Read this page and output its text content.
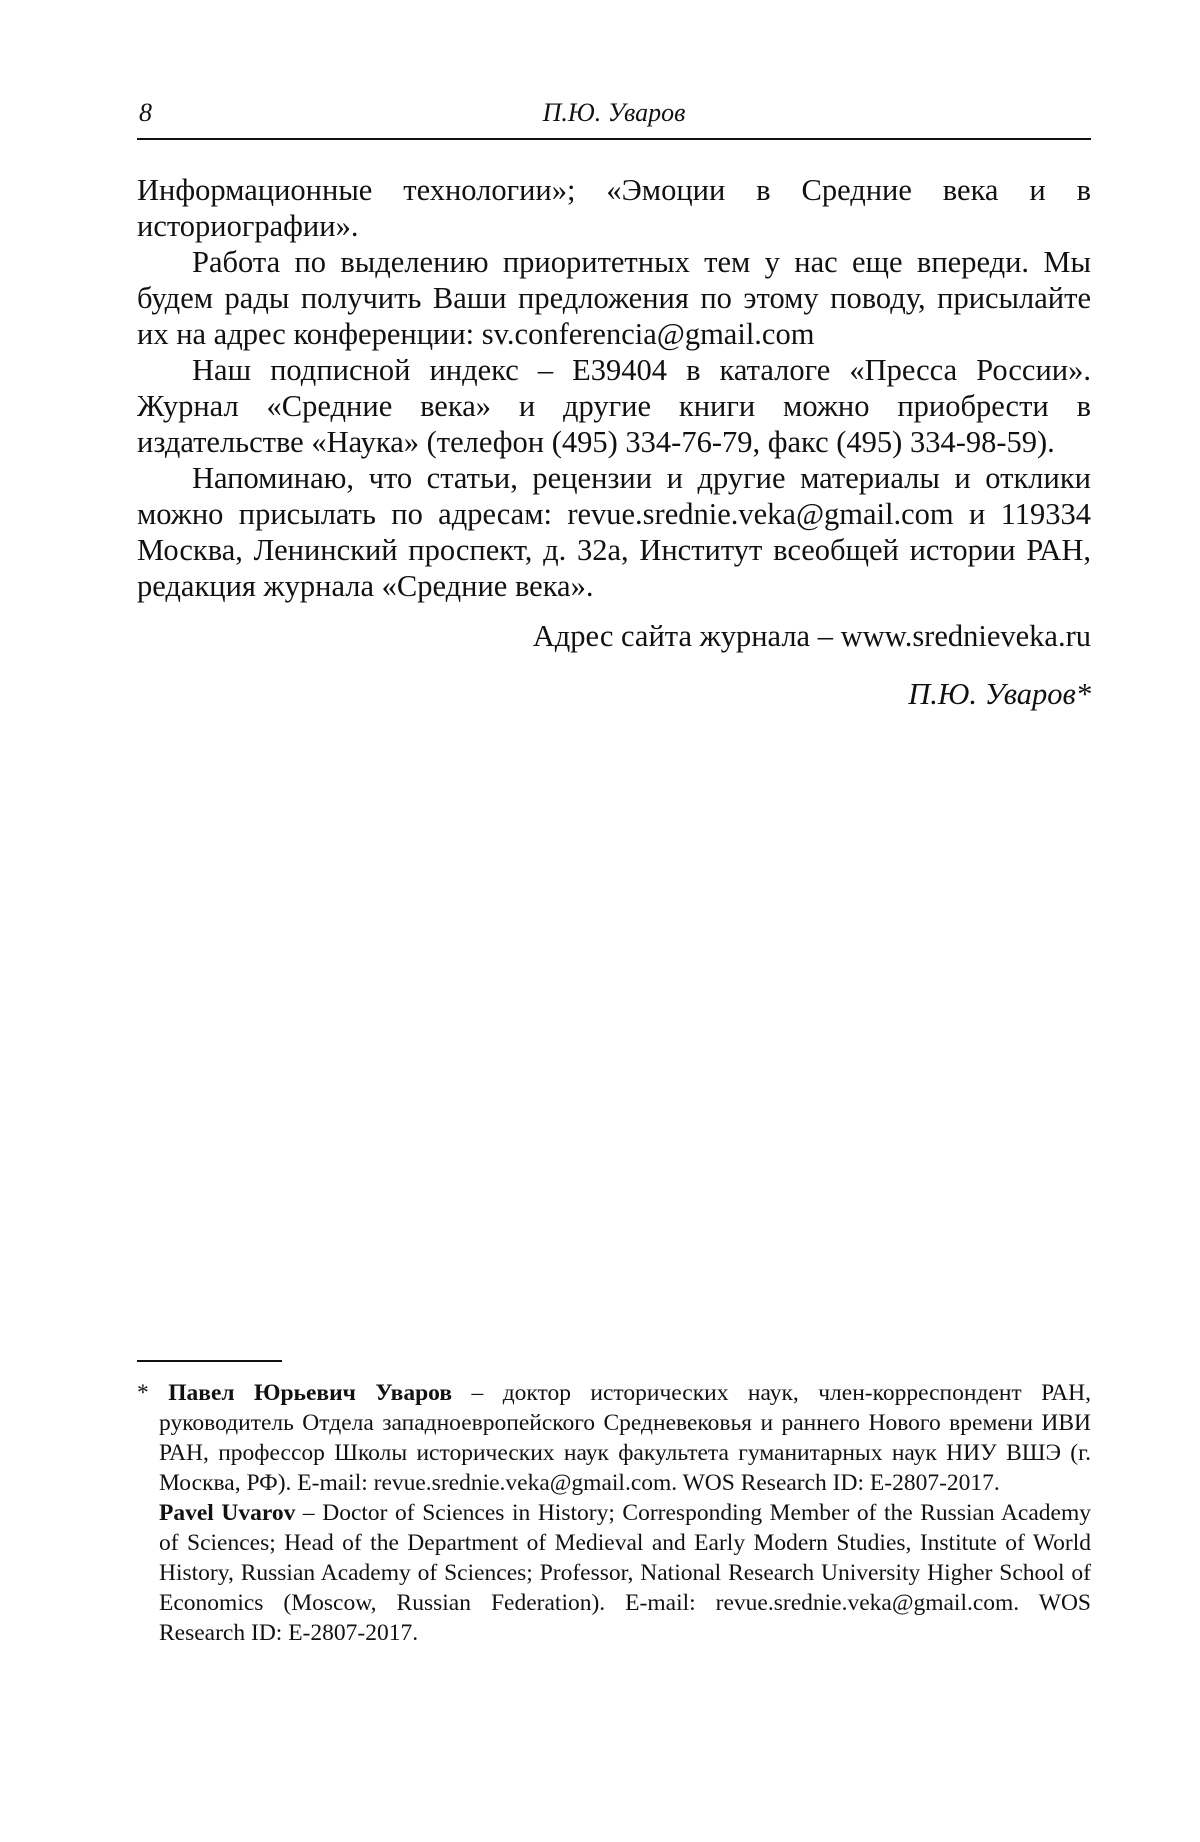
8	П.Ю. Уваров

Информационные технологии»; «Эмоции в Средние века и в историографии».

Работа по выделению приоритетных тем у нас еще впереди. Мы будем рады получить Ваши предложения по этому поводу, присылайте их на адрес конференции: sv.conferencia@gmail.com

Наш подписной индекс – E39404 в каталоге «Пресса России». Журнал «Средние века» и другие книги можно приобрести в издательстве «Наука» (телефон (495) 334-76-79, факс (495) 334-98-59).

Напоминаю, что статьи, рецензии и другие материалы и отклики можно присылать по адресам: revue.srednie.veka@gmail.com и 119334 Москва, Ленинский проспект, д. 32а, Институт всеобщей истории РАН, редакция журнала «Средние века».

Адрес сайта журнала – www.srednieveka.ru

П.Ю. Уваров*

* Павел Юрьевич Уваров – доктор исторических наук, член-корреспондент РАН, руководитель Отдела западноевропейского Средневековья и раннего Нового времени ИВИ РАН, профессор Школы исторических наук факультета гуманитарных наук НИУ ВШЭ (г. Москва, РФ). E-mail: revue.srednie.veka@gmail.com. WOS Research ID: E-2807-2017.

Pavel Uvarov – Doctor of Sciences in History; Corresponding Member of the Russian Academy of Sciences; Head of the Department of Medieval and Early Modern Studies, Institute of World History, Russian Academy of Sciences; Professor, National Research University Higher School of Economics (Moscow, Russian Federation). E-mail: revue.srednie.veka@gmail.com. WOS Research ID: E-2807-2017.
